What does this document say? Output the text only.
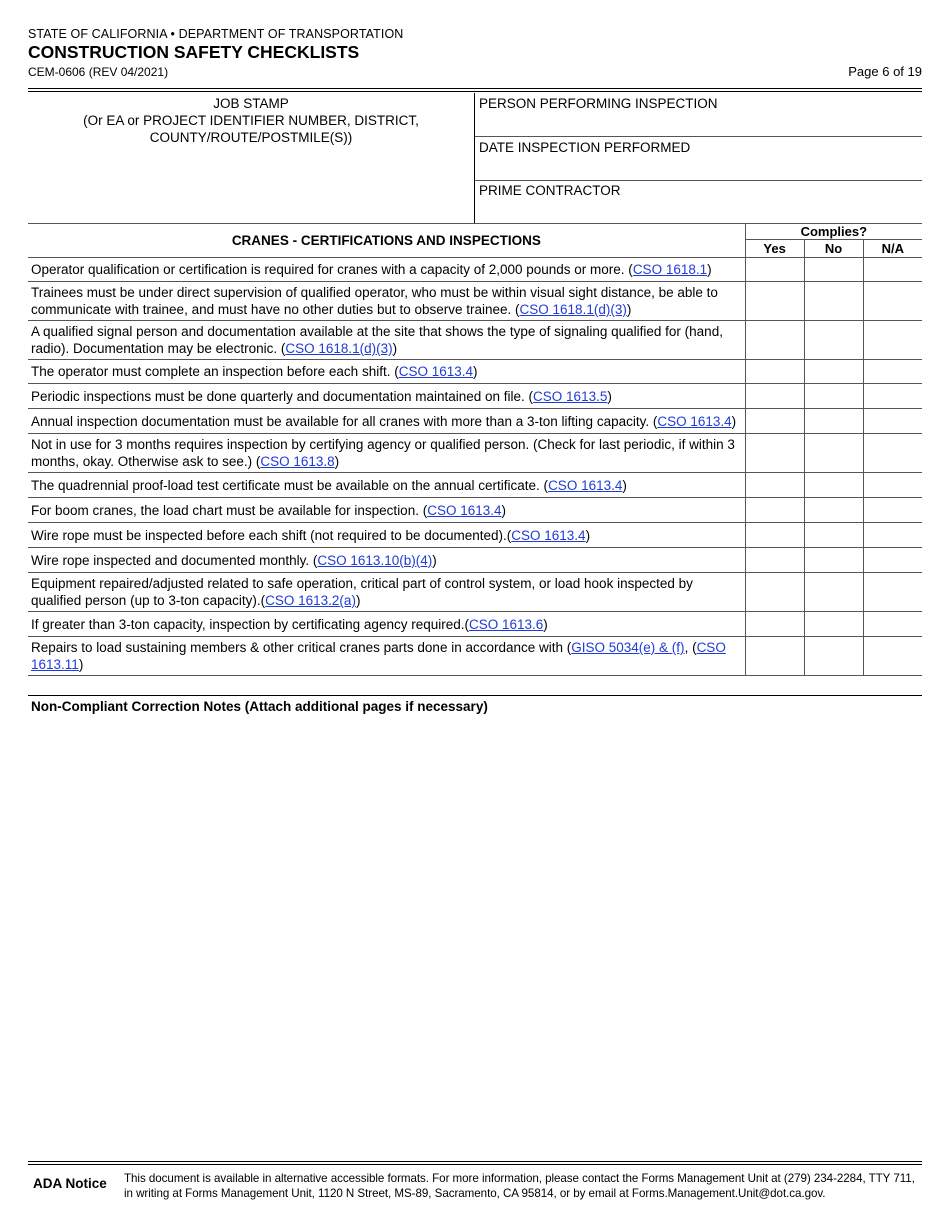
STATE OF CALIFORNIA • DEPARTMENT OF TRANSPORTATION
CONSTRUCTION SAFETY CHECKLISTS
CEM-0606 (REV 04/2021)	Page 6 of 19
JOB STAMP
(Or EA or PROJECT IDENTIFIER NUMBER, DISTRICT,
COUNTY/ROUTE/POSTMILE(S))
PERSON PERFORMING INSPECTION
DATE INSPECTION PERFORMED
PRIME CONTRACTOR
CRANES - CERTIFICATIONS AND INSPECTIONS	Complies?		
	Yes	No	N/A
Operator qualification or certification is required for cranes with a capacity of 2,000 pounds or more. (CSO 1618.1)			
Trainees must be under direct supervision of qualified operator, who must be within visual sight distance, be able to communicate with trainee, and must have no other duties but to observe trainee. (CSO 1618.1(d)(3))			
A qualified signal person and documentation available at the site that shows the type of signaling qualified for (hand, radio). Documentation may be electronic. (CSO 1618.1(d)(3))			
The operator must complete an inspection before each shift. (CSO 1613.4)			
Periodic inspections must be done quarterly and documentation maintained on file. (CSO 1613.5)			
Annual inspection documentation must be available for all cranes with more than a 3-ton lifting capacity. (CSO 1613.4)			
Not in use for 3 months requires inspection by certifying agency or qualified person. (Check for last periodic, if within 3 months, okay. Otherwise ask to see.) (CSO 1613.8)			
The quadrennial proof-load test certificate must be available on the annual certificate. (CSO 1613.4)			
For boom cranes, the load chart must be available for inspection. (CSO 1613.4)			
Wire rope must be inspected before each shift (not required to be documented).(CSO 1613.4)			
Wire rope inspected and documented monthly. (CSO 1613.10(b)(4))			
Equipment repaired/adjusted related to safe operation, critical part of control system, or load hook inspected by qualified person (up to 3-ton capacity).(CSO 1613.2(a))			
If greater than 3-ton capacity, inspection by certificating agency required.(CSO 1613.6)			
Repairs to load sustaining members & other critical cranes parts done in accordance with (GISO 5034(e) & (f), (CSO 1613.11)			
Non-Compliant Correction Notes (Attach additional pages if necessary)
ADA Notice This document is available in alternative accessible formats. For more information, please contact the Forms Management Unit at (279) 234-2284, TTY 711, in writing at Forms Management Unit, 1120 N Street, MS-89, Sacramento, CA 95814, or by email at Forms.Management.Unit@dot.ca.gov.
